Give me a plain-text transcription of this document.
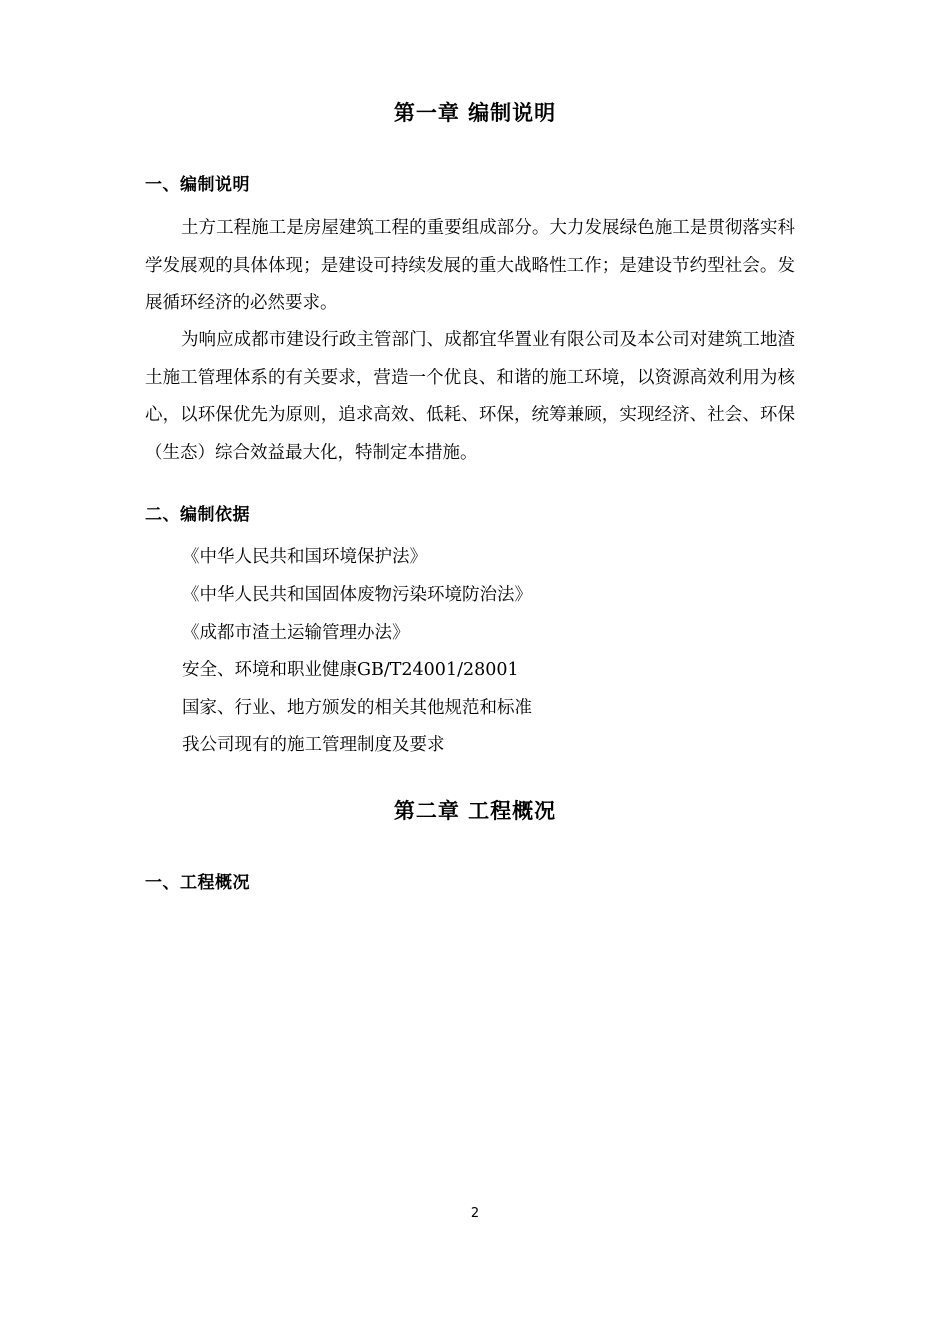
第一章 编制说明
一、编制说明
土方工程施工是房屋建筑工程的重要组成部分。大力发展绿色施工是贯彻落实科学发展观的具体体现；是建设可持续发展的重大战略性工作；是建设节约型社会。发展循环经济的必然要求。
为响应成都市建设行政主管部门、成都宜华置业有限公司及本公司对建筑工地渣土施工管理体系的有关要求，营造一个优良、和谐的施工环境，以资源高效利用为核心，以环保优先为原则，追求高效、低耗、环保，统筹兼顾，实现经济、社会、环保（生态）综合效益最大化，特制定本措施。
二、编制依据
《中华人民共和国环境保护法》
《中华人民共和国固体废物污染环境防治法》
《成都市渣土运输管理办法》
安全、环境和职业健康GB/T24001/28001
国家、行业、地方颁发的相关其他规范和标准
我公司现有的施工管理制度及要求
第二章 工程概况
一、工程概况
2
